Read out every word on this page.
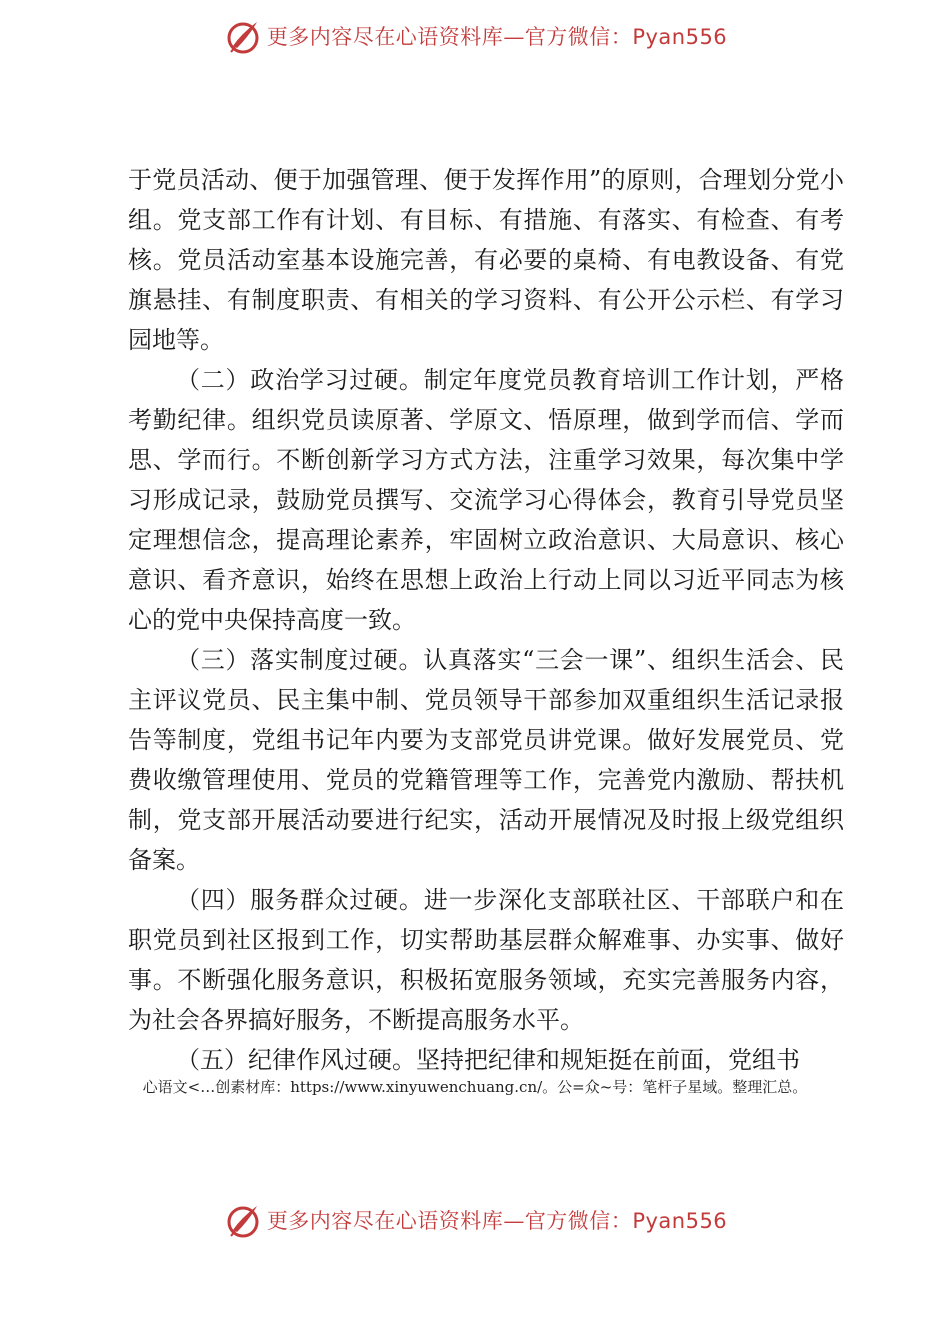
更多内容尽在心语资料库—官方微信：Pyan556

于党员活动、便于加强管理、便于发挥作用”的原则，合理划分党小组。党支部工作有计划、有目标、有措施、有落实、有检查、有考核。党员活动室基本设施完善，有必要的桌椅、有电教设备、有党旗悬挂、有制度职责、有相关的学习资料、有公开公示栏、有学习园地等。

（二）政治学习过硬。制定年度党员教育培训工作计划，严格考勤纪律。组织党员读原著、学原文、悟原理，做到学而信、学而思、学而行。不断创新学习方式方法，注重学习效果，每次集中学习形成记录，鼓励党员撰写、交流学习心得体会，教育引导党员坚定理想信念，提高理论素养，牢固树立政治意识、大局意识、核心意识、看齐意识，始终在思想上政治上行动上同以习近平同志为核心的党中央保持高度一致。

（三）落实制度过硬。认真落实“三会一课”、组织生活会、民主评议党员、民主集中制、党员领导干部参加双重组织生活记录报告等制度，党组书记年内要为支部党员讲党课。做好发展党员、党费收缴管理使用、党员的党籍管理等工作，完善党内激励、帮扶机制，党支部开展活动要进行纪实，活动开展情况及时报上级党组织备案。

（四）服务群众过硬。进一步深化支部联社区、干部联户和在职党员到社区报到工作，切实帮助基层群众解难事、办实事、做好事。不断强化服务意识，积极拓宽服务领域，充实完善服务内容，为社会各界搞好服务，不断提高服务水平。

（五）纪律作风过硬。坚持把纪律和规矩挺在前面，党组书

心语文<…创素材库：https://www.xinyuwenchuang.cn/。公=众~号：笔杆子星域。整理汇总。
更多内容尽在心语资料库—官方微信：Pyan556
